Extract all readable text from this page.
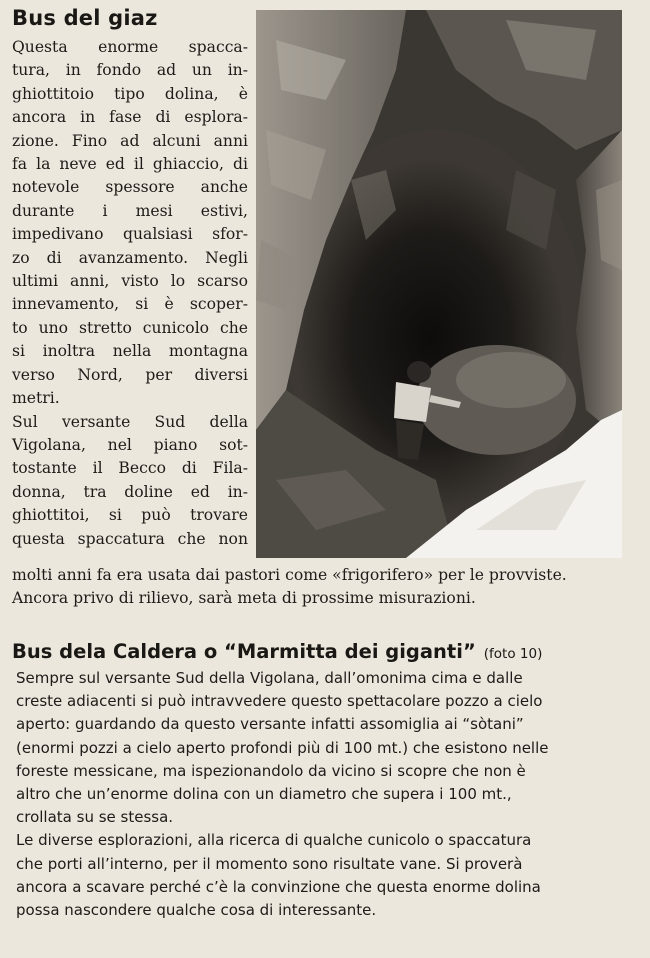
Bus del giaz
Questa enorme spacca-
tura, in fondo ad un in-
ghiottitoio tipo dolina, è
ancora in fase di esplora-
zione. Fino ad alcuni anni
fa la neve ed il ghiaccio, di
notevole spessore anche
durante i mesi estivi,
impedivano qualsiasi sfor-
zo di avanzamento. Negli
ultimi anni, visto lo scarso
innevamento, si è scoper-
to uno stretto cunicolo che
si inoltra nella montagna
verso Nord, per diversi
metri.
Sul versante Sud della
Vigolana, nel piano sot-
tostante il Becco di Fila-
donna, tra doline ed in-
ghiottitoi, si può trovare
questa spaccatura che non
molti anni fa era usata dai pastori come «frigorifero» per le provviste.
Ancora privo di rilievo, sarà meta di prossime misurazioni.
Bus dela Caldera o “Marmitta dei giganti” (foto 10)
Sempre sul versante Sud della Vigolana, dall’omonima cima e dalle
creste adiacenti si può intravvedere questo spettacolare pozzo a cielo
aperto: guardando da questo versante infatti assomiglia ai “sòtani”
(enormi pozzi a cielo aperto profondi più di 100 mt.) che esistono nelle
foreste messicane, ma ispezionandolo da vicino si scopre che non è
altro che un’enorme dolina con un diametro che supera i 100 mt.,
crollata su se stessa.
Le diverse esplorazioni, alla ricerca di qualche cunicolo o spaccatura
che porti all’interno, per il momento sono risultate vane. Si proverà
ancora a scavare perché c’è la convinzione che questa enorme dolina
possa nascondere qualche cosa di interessante.
